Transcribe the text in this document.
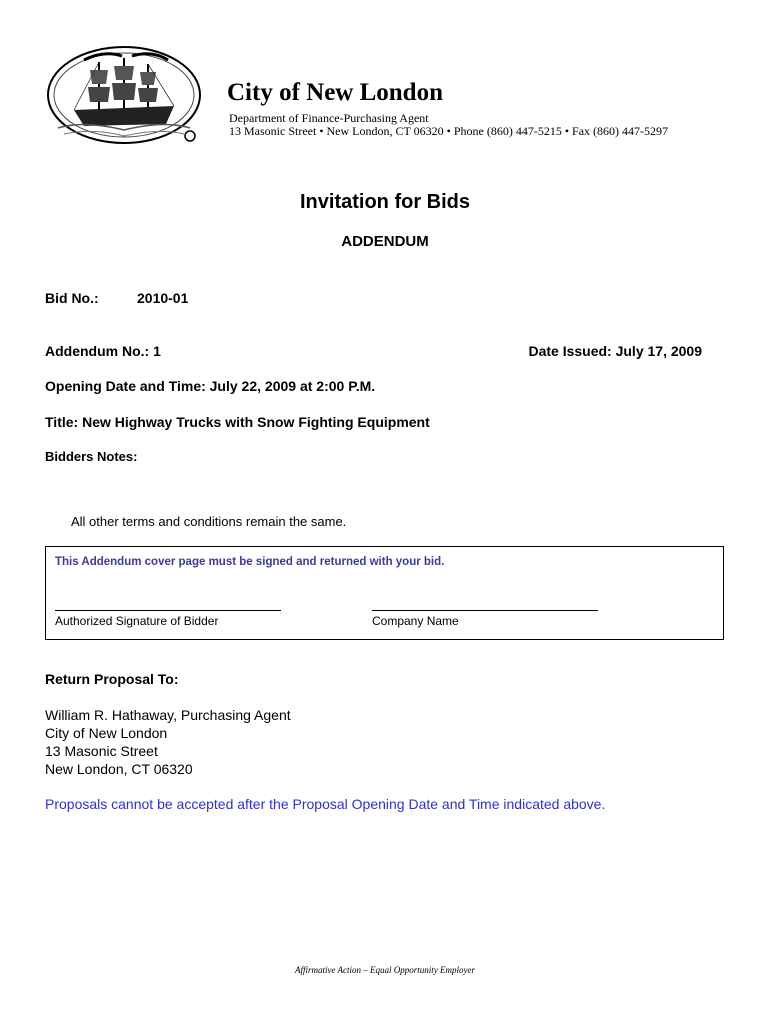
City of New London
Department of Finance-Purchasing Agent
13 Masonic Street • New London, CT 06320 • Phone (860) 447-5215 • Fax (860) 447-5297
Invitation for Bids
ADDENDUM
Bid No.:	2010-01
Addendum No.: 1	Date Issued: July 17, 2009
Opening Date and Time: July 22, 2009 at 2:00 P.M.
Title: New Highway Trucks with Snow Fighting Equipment
Bidders Notes:
All other terms and conditions remain the same.
This Addendum cover page must be signed and returned with your bid.
Authorized Signature of Bidder	Company Name
Return Proposal To:
William R. Hathaway, Purchasing Agent
City of New London
13 Masonic Street
New London, CT 06320
Proposals cannot be accepted after the Proposal Opening Date and Time indicated above.
Affirmative Action – Equal Opportunity Employer
